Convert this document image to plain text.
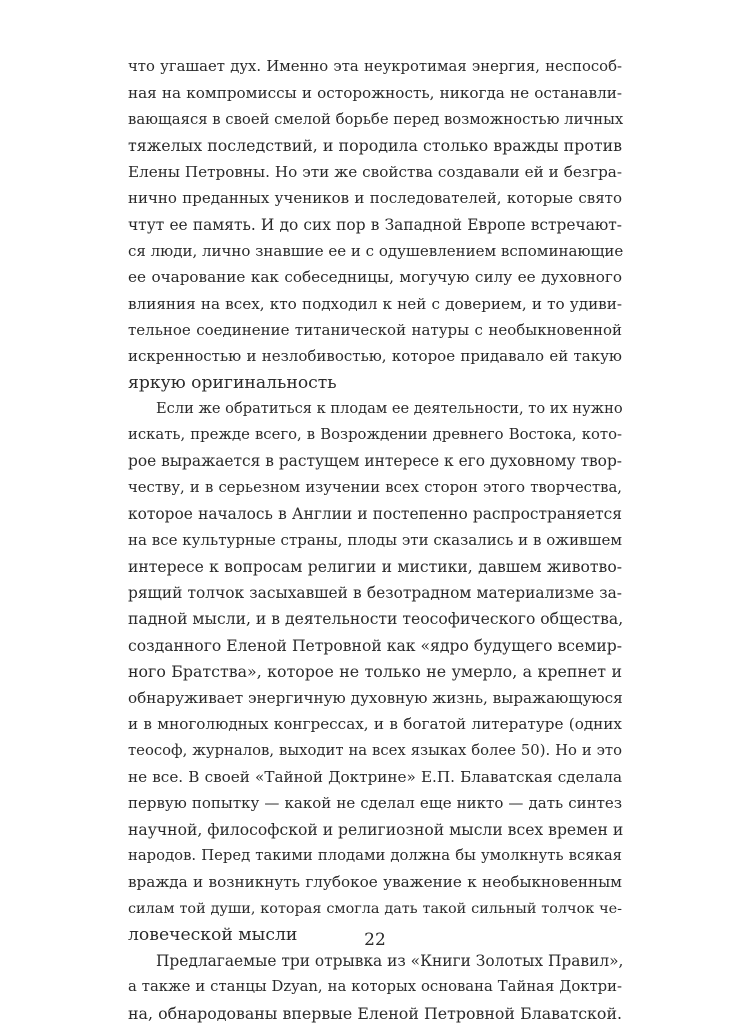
что угашает дух. Именно эта неукротимая энергия, неспособ-
ная на компромиссы и осторожность, никогда не останавли-
вающаяся в своей смелой борьбе перед возможностью личных
тяжелых последствий, и породила столько вражды против
Елены Петровны. Но эти же свойства создавали ей и безгра-
нично преданных учеников и последователей, которые свято
чтут ее память. И до сих пор в Западной Европе встречают-
ся люди, лично знавшие ее и с одушевлением вспоминающие
ее очарование как собеседницы, могучую силу ее духовного
влияния на всех, кто подходил к ней с доверием, и то удиви-
тельное соединение титанической натуры с необыкновенной
искренностью и незлобивостью, которое придавало ей такую
яркую оригинальность
Если же обратиться к плодам ее деятельности, то их нужно
искать, прежде всего, в Возрождении древнего Востока, кото-
рое выражается в растущем интересе к его духовному твор-
честву, и в серьезном изучении всех сторон этого творчества,
которое началось в Англии и постепенно распространяется
на все культурные страны, плоды эти сказались и в ожившем
интересе к вопросам религии и мистики, давшем животво-
рящий толчок засыхавшей в безотрадном материализме за-
падной мысли, и в деятельности теософического общества,
созданного Еленой Петровной как «ядро будущего всемир-
ного Братства», которое не только не умерло, а крепнет и
обнаруживает энергичную духовную жизнь, выражающуюся
и в многолюдных конгрессах, и в богатой литературе (одних
теософ, журналов, выходит на всех языках более 50). Но и это
не все. В своей «Тайной Доктрине» Е.П. Блаватская сделала
первую попытку — какой не сделал еще никто — дать синтез
научной, философской и религиозной мысли всех времен и
народов. Перед такими плодами должна бы умолкнуть всякая
вражда и возникнуть глубокое уважение к необыкновенным
силам той души, которая смогла дать такой сильный толчок че-
ловеческой мысли
Предлагаемые три отрывка из «Книги Золотых Правил»,
а также и станцы Dzyan, на которых основана Тайная Доктри-
на, обнародованы впервые Еленой Петровной Блаватской.
22
